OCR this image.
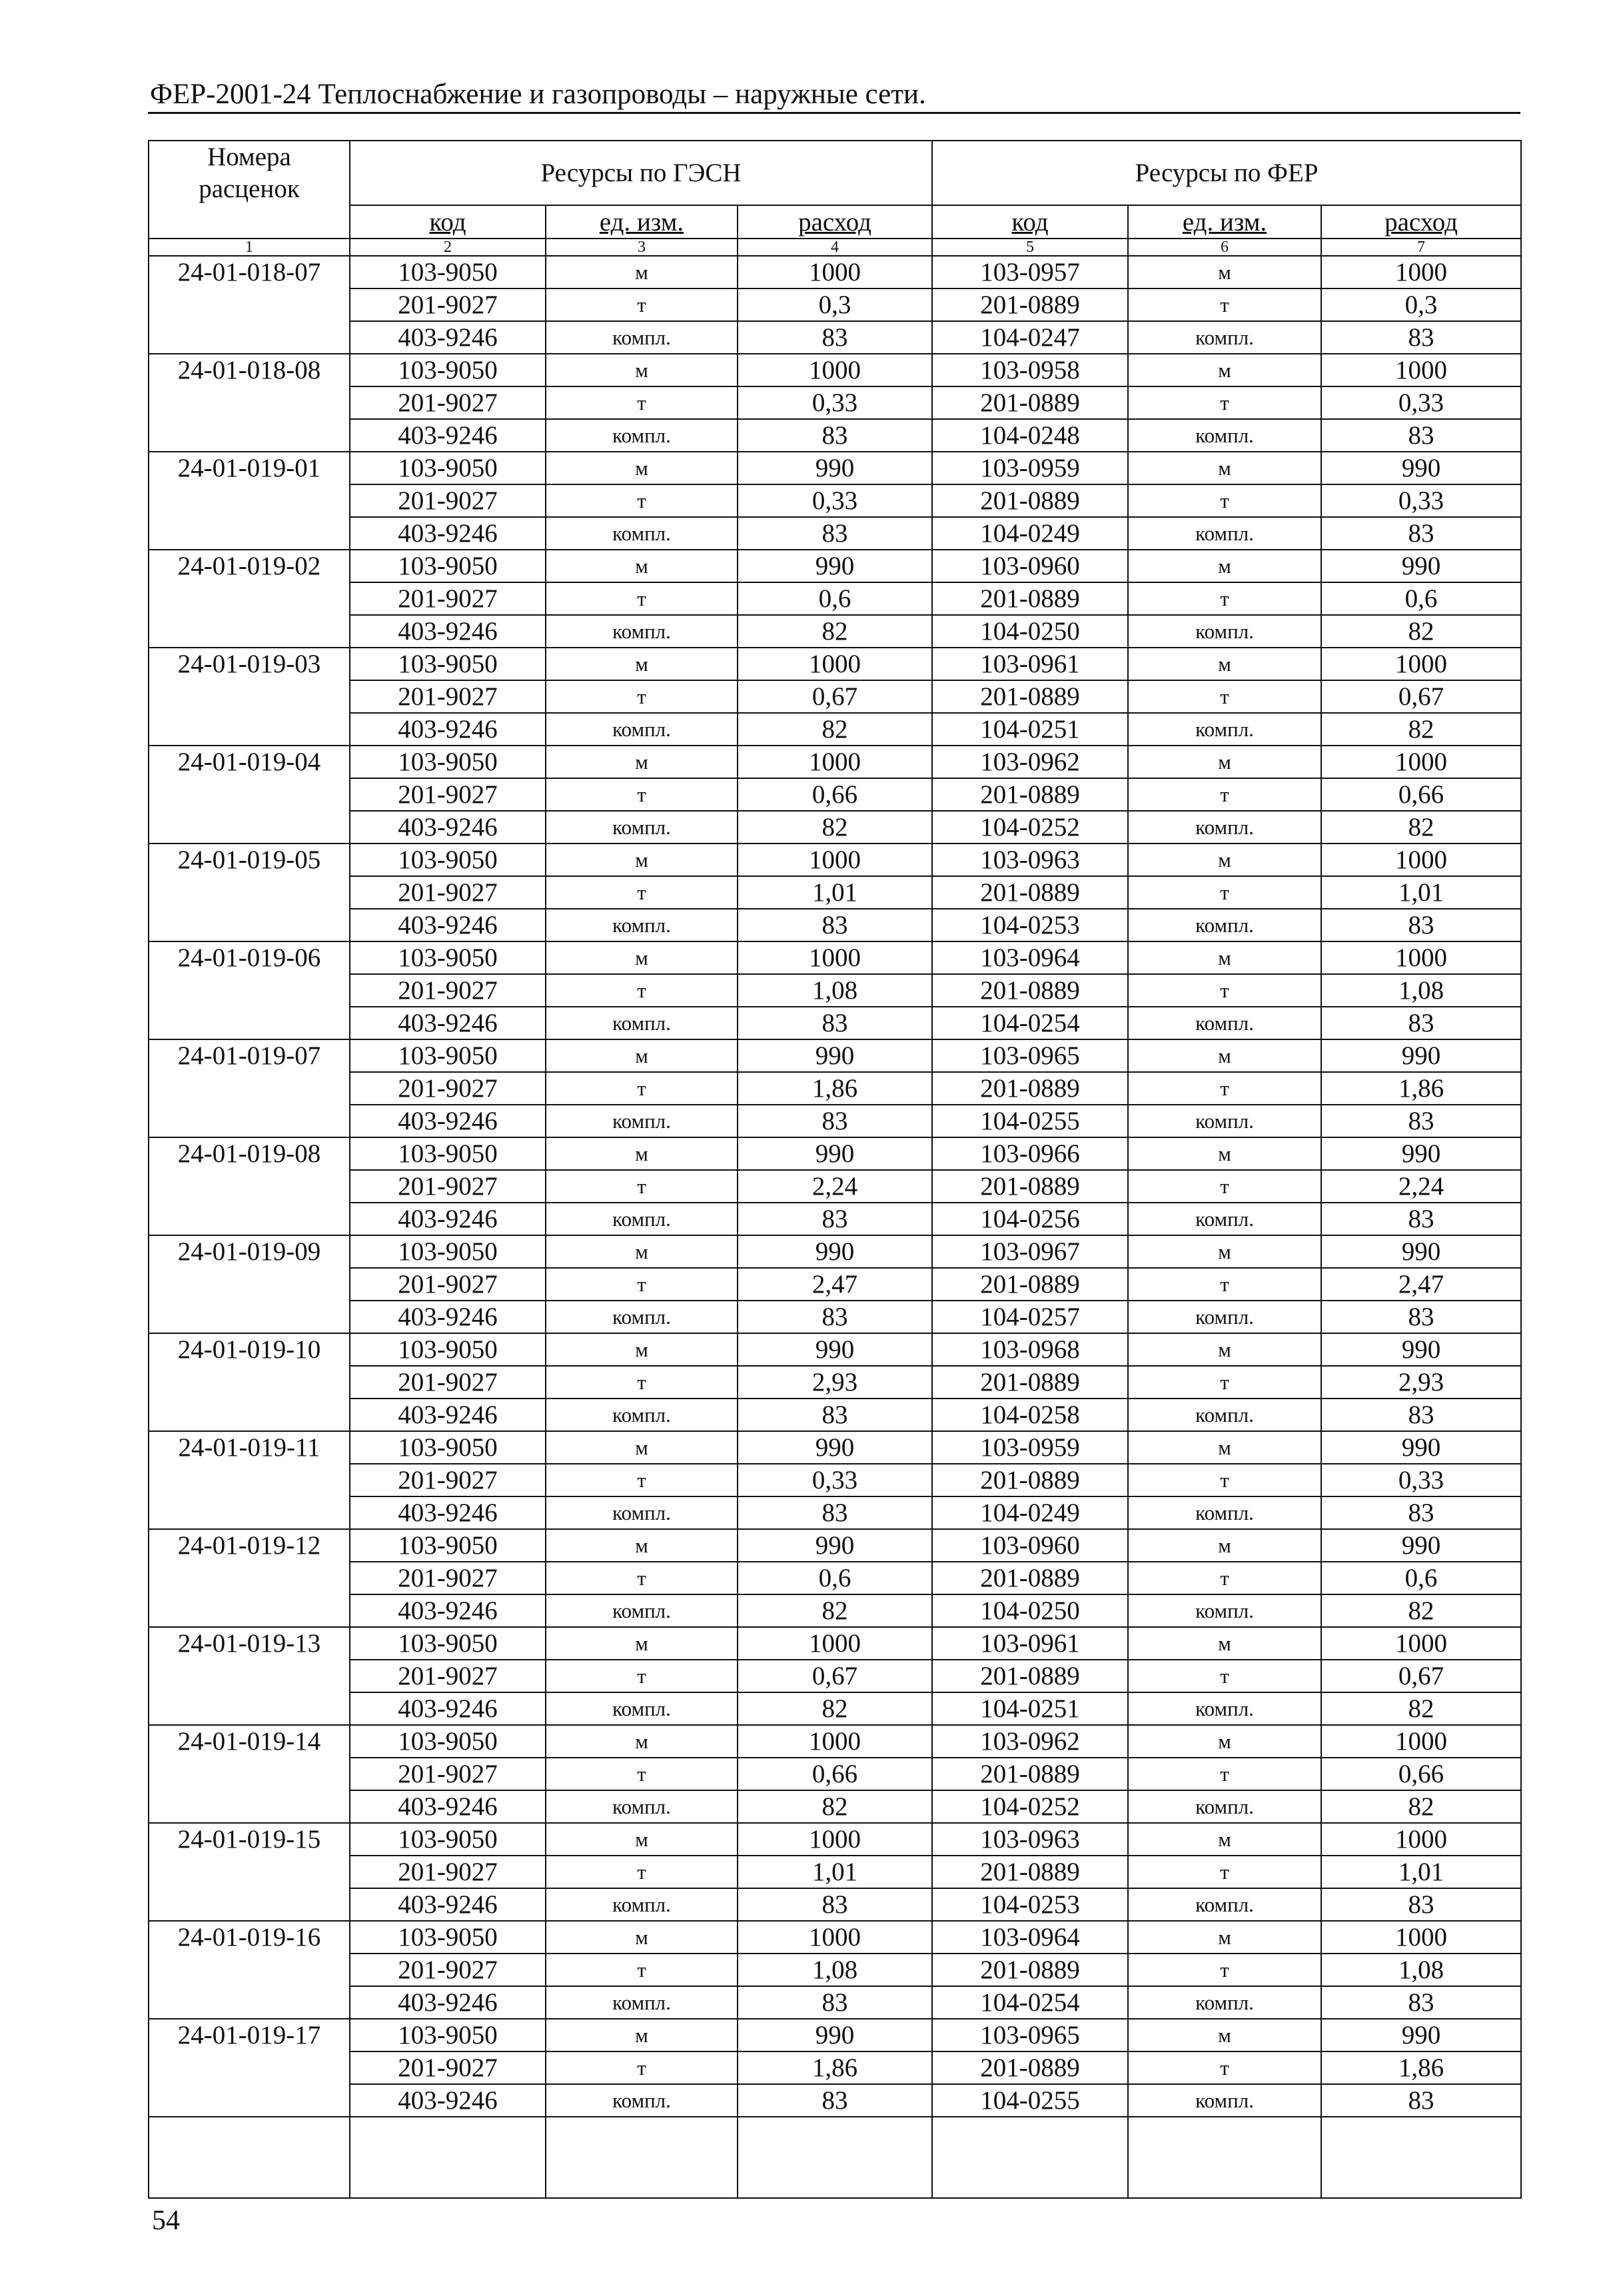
ФЕР-2001-24 Теплоснабжение и газопроводы – наружные сети.
Номера расценок	Ресурсы по ГЭСН			Ресурсы по ФЕР		
	код	ед. изм.	расход	код	ед. изм.	расход
1	2	3	4	5	6	7
24-01-018-07	103-9050	м	1000	103-0957	м	1000
	201-9027	т	0,3	201-0889	т	0,3
	403-9246	компл.	83	104-0247	компл.	83
24-01-018-08	103-9050	м	1000	103-0958	м	1000
	201-9027	т	0,33	201-0889	т	0,33
	403-9246	компл.	83	104-0248	компл.	83
24-01-019-01	103-9050	м	990	103-0959	м	990
	201-9027	т	0,33	201-0889	т	0,33
	403-9246	компл.	83	104-0249	компл.	83
24-01-019-02	103-9050	м	990	103-0960	м	990
	201-9027	т	0,6	201-0889	т	0,6
	403-9246	компл.	82	104-0250	компл.	82
24-01-019-03	103-9050	м	1000	103-0961	м	1000
	201-9027	т	0,67	201-0889	т	0,67
	403-9246	компл.	82	104-0251	компл.	82
24-01-019-04	103-9050	м	1000	103-0962	м	1000
	201-9027	т	0,66	201-0889	т	0,66
	403-9246	компл.	82	104-0252	компл.	82
24-01-019-05	103-9050	м	1000	103-0963	м	1000
	201-9027	т	1,01	201-0889	т	1,01
	403-9246	компл.	83	104-0253	компл.	83
24-01-019-06	103-9050	м	1000	103-0964	м	1000
	201-9027	т	1,08	201-0889	т	1,08
	403-9246	компл.	83	104-0254	компл.	83
24-01-019-07	103-9050	м	990	103-0965	м	990
	201-9027	т	1,86	201-0889	т	1,86
	403-9246	компл.	83	104-0255	компл.	83
24-01-019-08	103-9050	м	990	103-0966	м	990
	201-9027	т	2,24	201-0889	т	2,24
	403-9246	компл.	83	104-0256	компл.	83
24-01-019-09	103-9050	м	990	103-0967	м	990
	201-9027	т	2,47	201-0889	т	2,47
	403-9246	компл.	83	104-0257	компл.	83
24-01-019-10	103-9050	м	990	103-0968	м	990
	201-9027	т	2,93	201-0889	т	2,93
	403-9246	компл.	83	104-0258	компл.	83
24-01-019-11	103-9050	м	990	103-0959	м	990
	201-9027	т	0,33	201-0889	т	0,33
	403-9246	компл.	83	104-0249	компл.	83
24-01-019-12	103-9050	м	990	103-0960	м	990
	201-9027	т	0,6	201-0889	т	0,6
	403-9246	компл.	82	104-0250	компл.	82
24-01-019-13	103-9050	м	1000	103-0961	м	1000
	201-9027	т	0,67	201-0889	т	0,67
	403-9246	компл.	82	104-0251	компл.	82
24-01-019-14	103-9050	м	1000	103-0962	м	1000
	201-9027	т	0,66	201-0889	т	0,66
	403-9246	компл.	82	104-0252	компл.	82
24-01-019-15	103-9050	м	1000	103-0963	м	1000
	201-9027	т	1,01	201-0889	т	1,01
	403-9246	компл.	83	104-0253	компл.	83
24-01-019-16	103-9050	м	1000	103-0964	м	1000
	201-9027	т	1,08	201-0889	т	1,08
	403-9246	компл.	83	104-0254	компл.	83
24-01-019-17	103-9050	м	990	103-0965	м	990
	201-9027	т	1,86	201-0889	т	1,86
	403-9246	компл.	83	104-0255	компл.	83

54
